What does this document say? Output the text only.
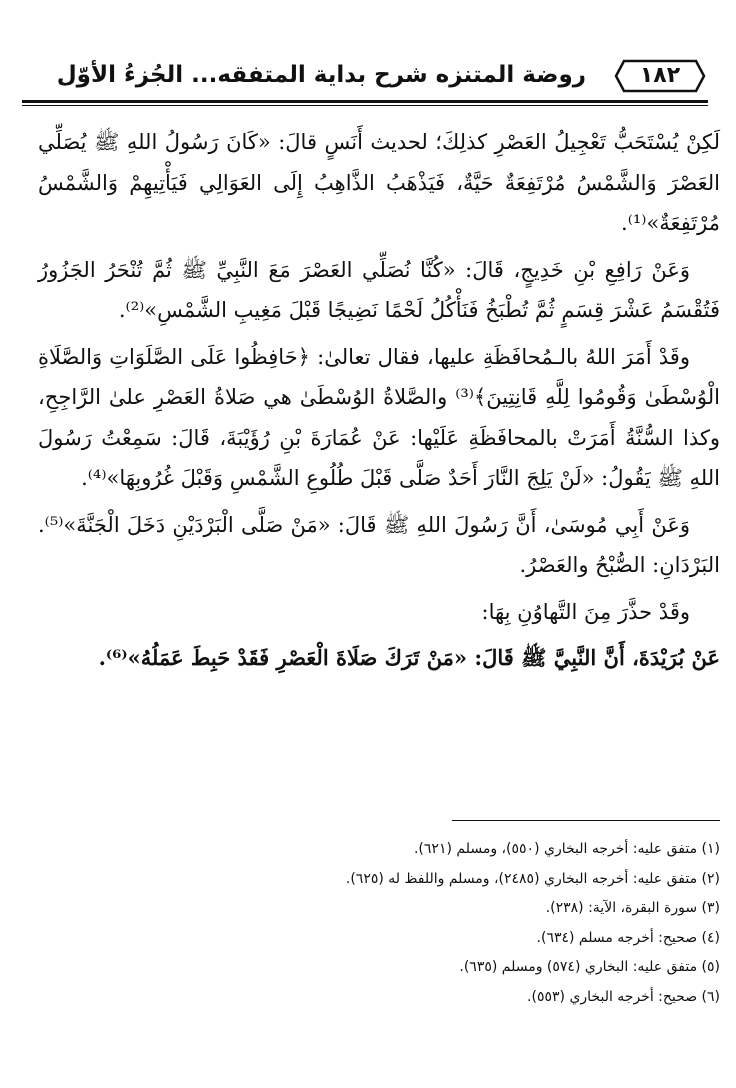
روضة المتنزه شرح بداية المتفقه... الجُزءُ الأوّل	١٨٢

لَكِنْ يُسْتَحَبُّ تَعْجِيلُ العَصْرِ كذلِكَ؛ لحديث أَنَسٍ قالَ: «كَانَ رَسُولُ اللهِ ﷺ يُصَلِّي العَصْرَ وَالشَّمْسُ مُرْتَفِعَةٌ حَيَّةٌ، فَيَذْهَبُ الذَّاهِبُ إِلَى العَوَالِي فَيَأْتِيهِمْ وَالشَّمْسُ مُرْتَفِعَةٌ»⁽¹⁾.

وَعَنْ رَافِعِ بْنِ خَدِيجٍ، قَالَ: «كُنَّا نُصَلِّي العَصْرَ مَعَ النَّبِيِّ ﷺ ثُمَّ تُنْحَرُ الجَزُورُ فَتُقْسَمُ عَشْرَ قِسَمٍ ثُمَّ تُطْبَخُ فَنَأْكُلُ لَحْمًا نَضِيجًا قَبْلَ مَغِيبِ الشَّمْسِ»⁽²⁾.

وقَدْ أَمَرَ اللهُ بالـمُحافَظَةِ عليها، فقال تعالىٰ: ﴿حَافِظُوا عَلَى الصَّلَوَاتِ وَالصَّلَاةِ الْوُسْطَىٰ وَقُومُوا لِلَّهِ قَانِتِينَ﴾⁽³⁾ والصَّلاةُ الوُسْطَىٰ هي صَلاةُ العَصْرِ علىٰ الرَّاجِحِ، وكذا السُّنَّةُ أَمَرَتْ بالمحافَظَةِ عَلَيْها: عَنْ عُمَارَةَ بْنِ رُؤَيْبَةَ، قَالَ: سَمِعْتُ رَسُولَ اللهِ ﷺ يَقُولُ: «لَنْ يَلِجَ النَّارَ أَحَدٌ صَلَّى قَبْلَ طُلُوعِ الشَّمْسِ وَقَبْلَ غُرُوبِهَا»⁽⁴⁾.

وَعَنْ أَبِي مُوسَىٰ، أَنَّ رَسُولَ اللهِ ﷺ قَالَ: «مَنْ صَلَّى الْبَرْدَيْنِ دَخَلَ الْجَنَّةَ»⁽⁵⁾. البَرْدَانِ: الصُّبْحُ والعَصْرُ.

وقَدْ حذَّرَ مِنَ التَّهاوُنِ بِهَا:

عَنْ بُرَيْدَةَ، أَنَّ النَّبِيَّ ﷺ قَالَ: «مَنْ تَرَكَ صَلَاةَ الْعَصْرِ فَقَدْ حَبِطَ عَمَلُهُ»⁽⁶⁾.

(١) متفق عليه: أخرجه البخاري (٥٥٠)، ومسلم (٦٢١).
(٢) متفق عليه: أخرجه البخاري (٢٤٨٥)، ومسلم واللفظ له (٦٢٥).
(٣) سورة البقرة، الآية: (٢٣٨).
(٤) صحيح: أخرجه مسلم (٦٣٤).
(٥) متفق عليه: البخاري (٥٧٤) ومسلم (٦٣٥).
(٦) صحيح: أخرجه البخاري (٥٥٣).
